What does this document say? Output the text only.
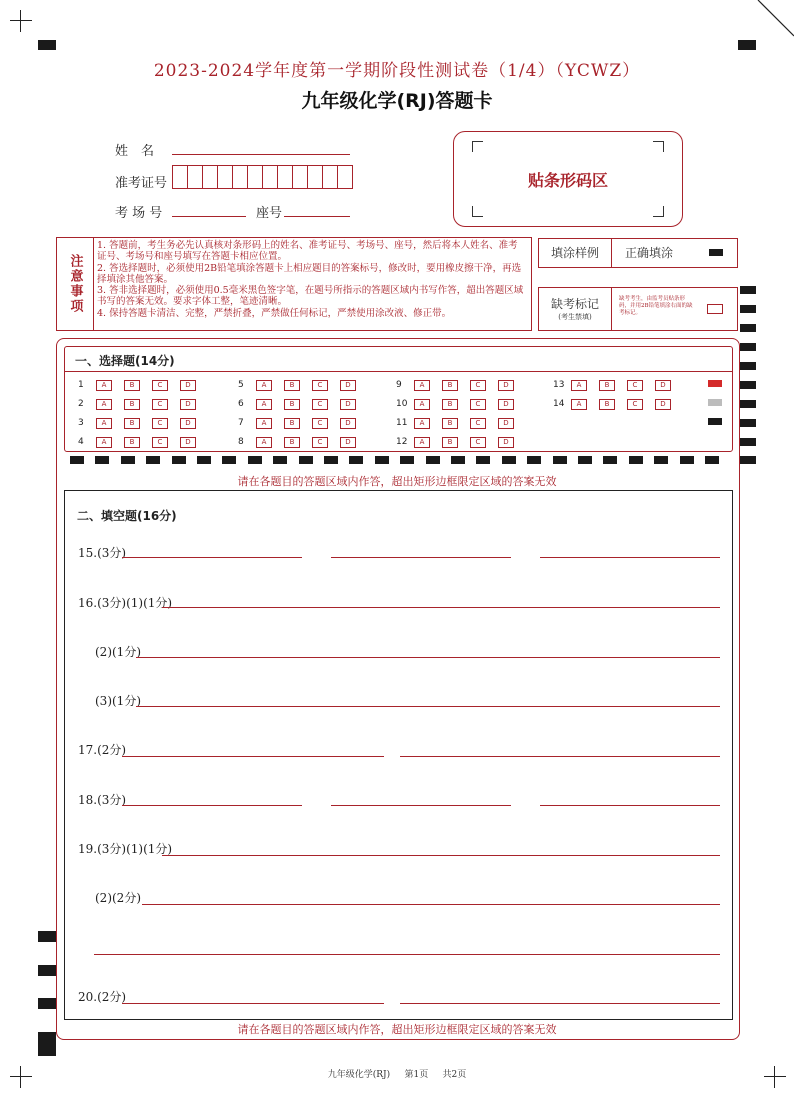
2023-2024学年度第一学期阶段性测试卷（1/4）（YCWZ）
九年级化学(RJ)答题卡
姓　名
准考证号
考 场 号	座号
贴条形码区
注意事项
1. 答题前，考生务必先认真核对条形码上的姓名、准考证号、考场号、座号，然后将本人姓名、准考证号、考场号和座号填写在答题卡相应位置。
2. 答选择题时，必须使用2B铅笔填涂答题卡上相应题目的答案标号，修改时，要用橡皮擦干净，再选择填涂其他答案。
3. 答非选择题时，必须使用0.5毫米黑色签字笔，在题号所指示的答题区域内书写作答，超出答题区域书写的答案无效。要求字体工整，笔迹清晰。
4. 保持答题卡清洁、完整，严禁折叠，严禁做任何标记，严禁使用涂改液、修正带。
填涂样例	正确填涂
缺考标记
(考生禁填)
缺考考生，由监考员贴条形码，并用2B铅笔填涂右面的缺考标记。
一、选择题(14分)
1	A	B	C	D
2	A	B	C	D
3	A	B	C	D
4	A	B	C	D
5	A	B	C	D
6	A	B	C	D
7	A	B	C	D
8	A	B	C	D
9	A	B	C	D
10 A	B	C	D
11 A	B	C	D
12 A	B	C	D
13 A	B	C	D
14 A	B	C	D
请在各题目的答题区域内作答，超出矩形边框限定区域的答案无效
二、填空题(16分)
15.(3分)
16.(3分)(1)(1分)
(2)(1分)
(3)(1分)
17.(2分)
18.(3分)
19.(3分)(1)(1分)
(2)(2分)
20.(2分)
请在各题目的答题区域内作答，超出矩形边框限定区域的答案无效
九年级化学(RJ) 第1页 共2页
